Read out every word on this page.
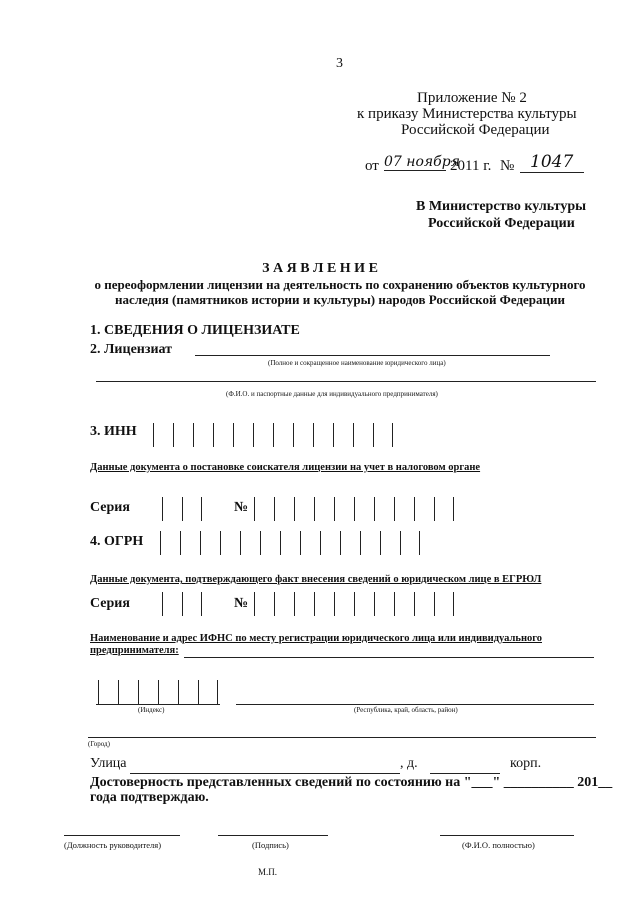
3
Приложение № 2
к приказу Министерства культуры
Российской Федерации
от 07 ноября
2011 г. № 1047
В Министерство культуры
Российской Федерации
З А Я В Л Е Н И Е
о переоформлении лицензии на деятельность по сохранению объектов культурного
наследия (памятников истории и культуры) народов Российской Федерации
1. СВЕДЕНИЯ О ЛИЦЕНЗИАТЕ
2. Лицензиат
(Полное и сокращенное наименование юридического лица)
(Ф.И.О. и паспортные данные для индивидуального предпринимателя)
3. ИНН
Данные документа о постановке соискателя лицензии на учет в налоговом органе
Серия	№
4. ОГРН
Данные документа, подтверждающего факт внесения сведений о юридическом лице в ЕГРЮЛ
Серия	№
Наименование и адрес ИФНС по месту регистрации юридического лица или индивидуального
предпринимателя:
(Индекс)	(Республика, край, область, район)
(Город)
Улица	, д.	корп.
Достоверность представленных сведений по состоянию на "___" __________ 201__
года подтверждаю.
(Должность руководителя)	(Подпись)	(Ф.И.О. полностью)
М.П.
